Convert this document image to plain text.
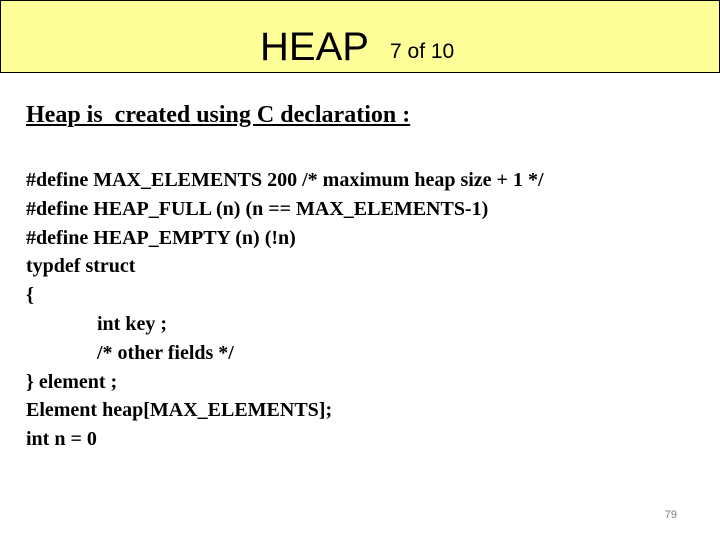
HEAP 7 of 10
Heap is  created using C declaration :
#define MAX_ELEMENTS 200 /* maximum heap size + 1 */
#define HEAP_FULL (n) (n == MAX_ELEMENTS-1)
#define HEAP_EMPTY (n) (!n)
typdef struct
{
int key ;
/* other fields */
} element ;
Element heap[MAX_ELEMENTS];
int n = 0
79
